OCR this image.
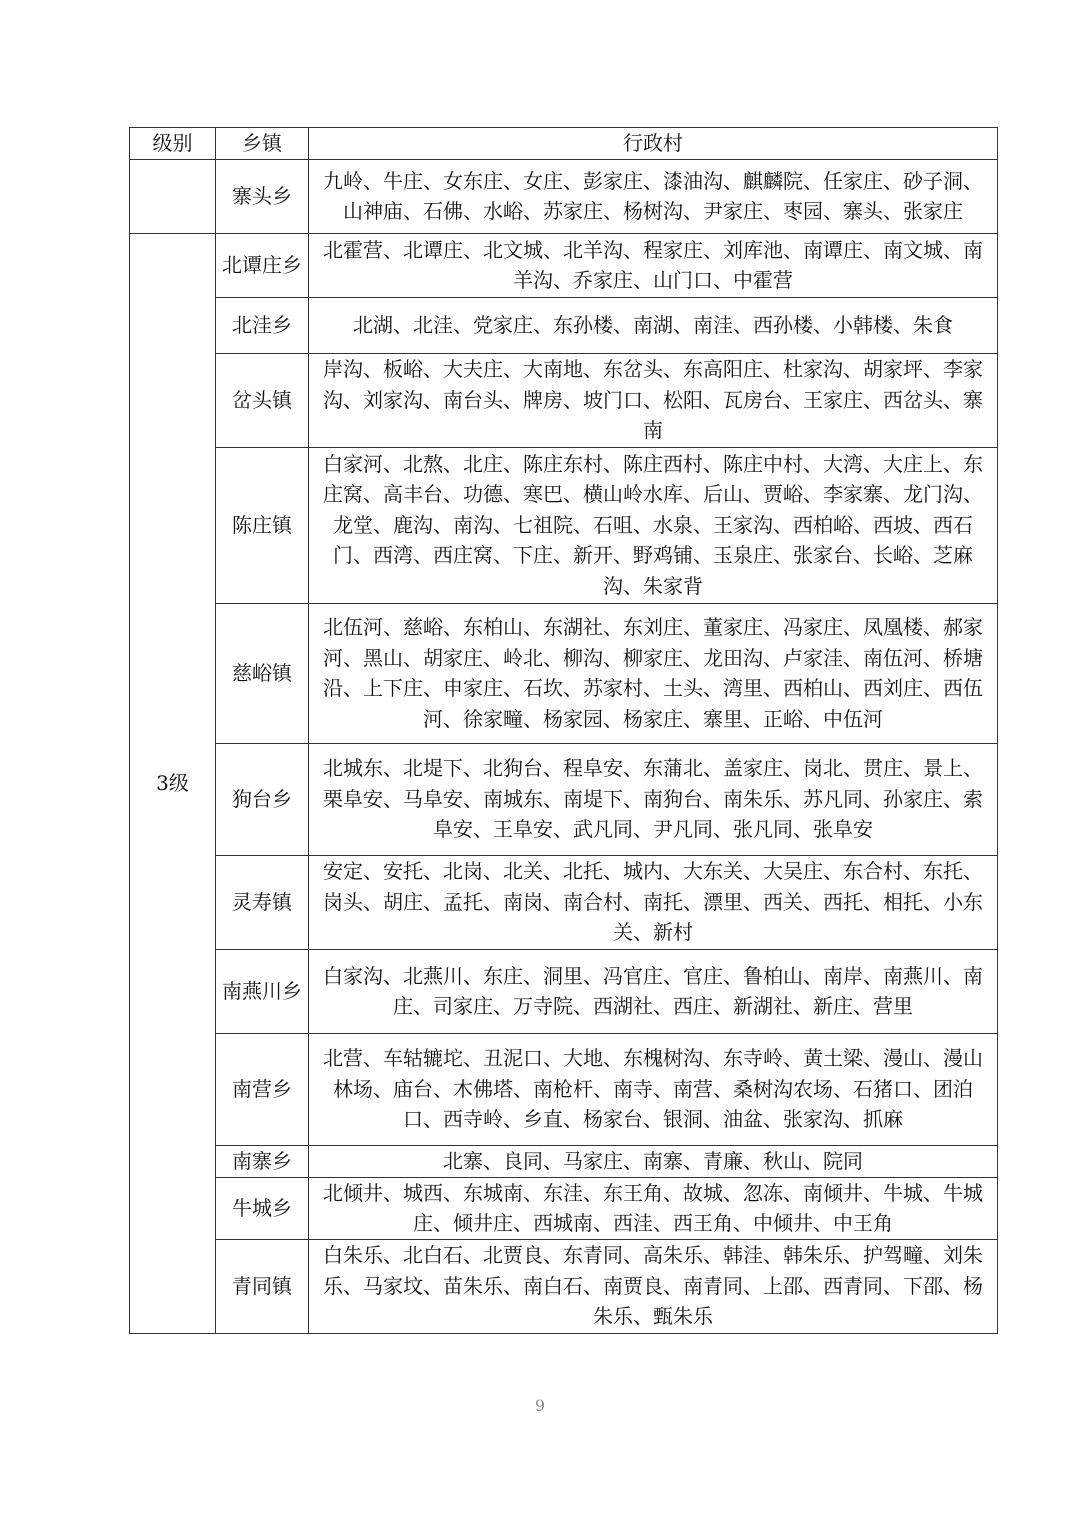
级别	乡镇	行政村
	寨头乡	九岭、牛庄、女东庄、女庄、彭家庄、漆油沟、麒麟院、任家庄、砂子洞、山神庙、石佛、水峪、苏家庄、杨树沟、尹家庄、枣园、寨头、张家庄
3级	北谭庄乡	北霍营、北谭庄、北文城、北羊沟、程家庄、刘库池、南谭庄、南文城、南羊沟、乔家庄、山门口、中霍营
	北洼乡	北湖、北洼、党家庄、东孙楼、南湖、南洼、西孙楼、小韩楼、朱食
	岔头镇	岸沟、板峪、大夫庄、大南地、东岔头、东高阳庄、杜家沟、胡家坪、李家沟、刘家沟、南台头、牌房、坡门口、松阳、瓦房台、王家庄、西岔头、寨南
	陈庄镇	白家河、北熬、北庄、陈庄东村、陈庄西村、陈庄中村、大湾、大庄上、东庄窝、高丰台、功德、寒巴、横山岭水库、后山、贾峪、李家寨、龙门沟、龙堂、鹿沟、南沟、七祖院、石咀、水泉、王家沟、西柏峪、西坡、西石门、西湾、西庄窝、下庄、新开、野鸡铺、玉泉庄、张家台、长峪、芝麻沟、朱家背
	慈峪镇	北伍河、慈峪、东柏山、东湖社、东刘庄、董家庄、冯家庄、凤凰楼、郝家河、黑山、胡家庄、岭北、柳沟、柳家庄、龙田沟、卢家洼、南伍河、桥塘沿、上下庄、申家庄、石坎、苏家村、土头、湾里、西柏山、西刘庄、西伍河、徐家疃、杨家园、杨家庄、寨里、正峪、中伍河
	狗台乡	北城东、北堤下、北狗台、程阜安、东蒲北、盖家庄、岗北、贯庄、景上、栗阜安、马阜安、南城东、南堤下、南狗台、南朱乐、苏凡同、孙家庄、索阜安、王阜安、武凡同、尹凡同、张凡同、张阜安
	灵寿镇	安定、安托、北岗、北关、北托、城内、大东关、大吴庄、东合村、东托、岗头、胡庄、孟托、南岗、南合村、南托、漂里、西关、西托、相托、小东关、新村
	南燕川乡	白家沟、北燕川、东庄、洞里、冯官庄、官庄、鲁柏山、南岸、南燕川、南庄、司家庄、万寺院、西湖社、西庄、新湖社、新庄、营里
	南营乡	北营、车轱辘坨、丑泥口、大地、东槐树沟、东寺岭、黄土梁、漫山、漫山林场、庙台、木佛塔、南枪杆、南寺、南营、桑树沟农场、石猪口、团泊口、西寺岭、乡直、杨家台、银洞、油盆、张家沟、抓麻
	南寨乡	北寨、良同、马家庄、南寨、青廉、秋山、院同
	牛城乡	北倾井、城西、东城南、东洼、东王角、故城、忽冻、南倾井、牛城、牛城庄、倾井庄、西城南、西洼、西王角、中倾井、中王角
	青同镇	白朱乐、北白石、北贾良、东青同、高朱乐、韩洼、韩朱乐、护驾疃、刘朱乐、马家坟、苗朱乐、南白石、南贾良、南青同、上邵、西青同、下邵、杨朱乐、甄朱乐
9
